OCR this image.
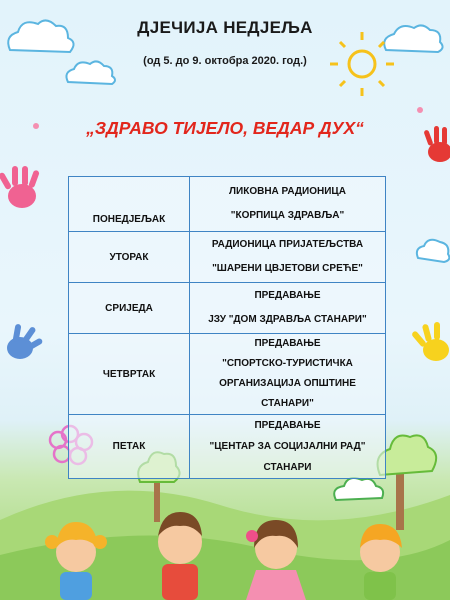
ДЈЕЧИЈА НЕДЈЕЉА
(од 5. до 9. октобра 2020. год.)
„ЗДРАВО ТИЈЕЛО, ВЕДАР ДУХ“
ПОНЕДЈЕЉАК	ЛИКОВНА РАДИОНИЦА
"КОРПИЦА ЗДРАВЉА"

УТОРАК	РАДИОНИЦА ПРИЈАТЕЉСТВА
"ШАРЕНИ ЦВЈЕТОВИ СРЕЋЕ"

СРИЈЕДА	ПРЕДАВАЊЕ
ЈЗУ "ДОМ ЗДРАВЉА СТАНАРИ"

ЧЕТВРТАК	ПРЕДАВАЊЕ
"СПОРТСКО-ТУРИСТИЧКА
ОРГАНИЗАЦИЈА ОПШТИНЕ СТАНАРИ"

ПЕТАК	ПРЕДАВАЊЕ
"ЦЕНТАР ЗА СОЦИЈАЛНИ РАД"
СТАНАРИ
